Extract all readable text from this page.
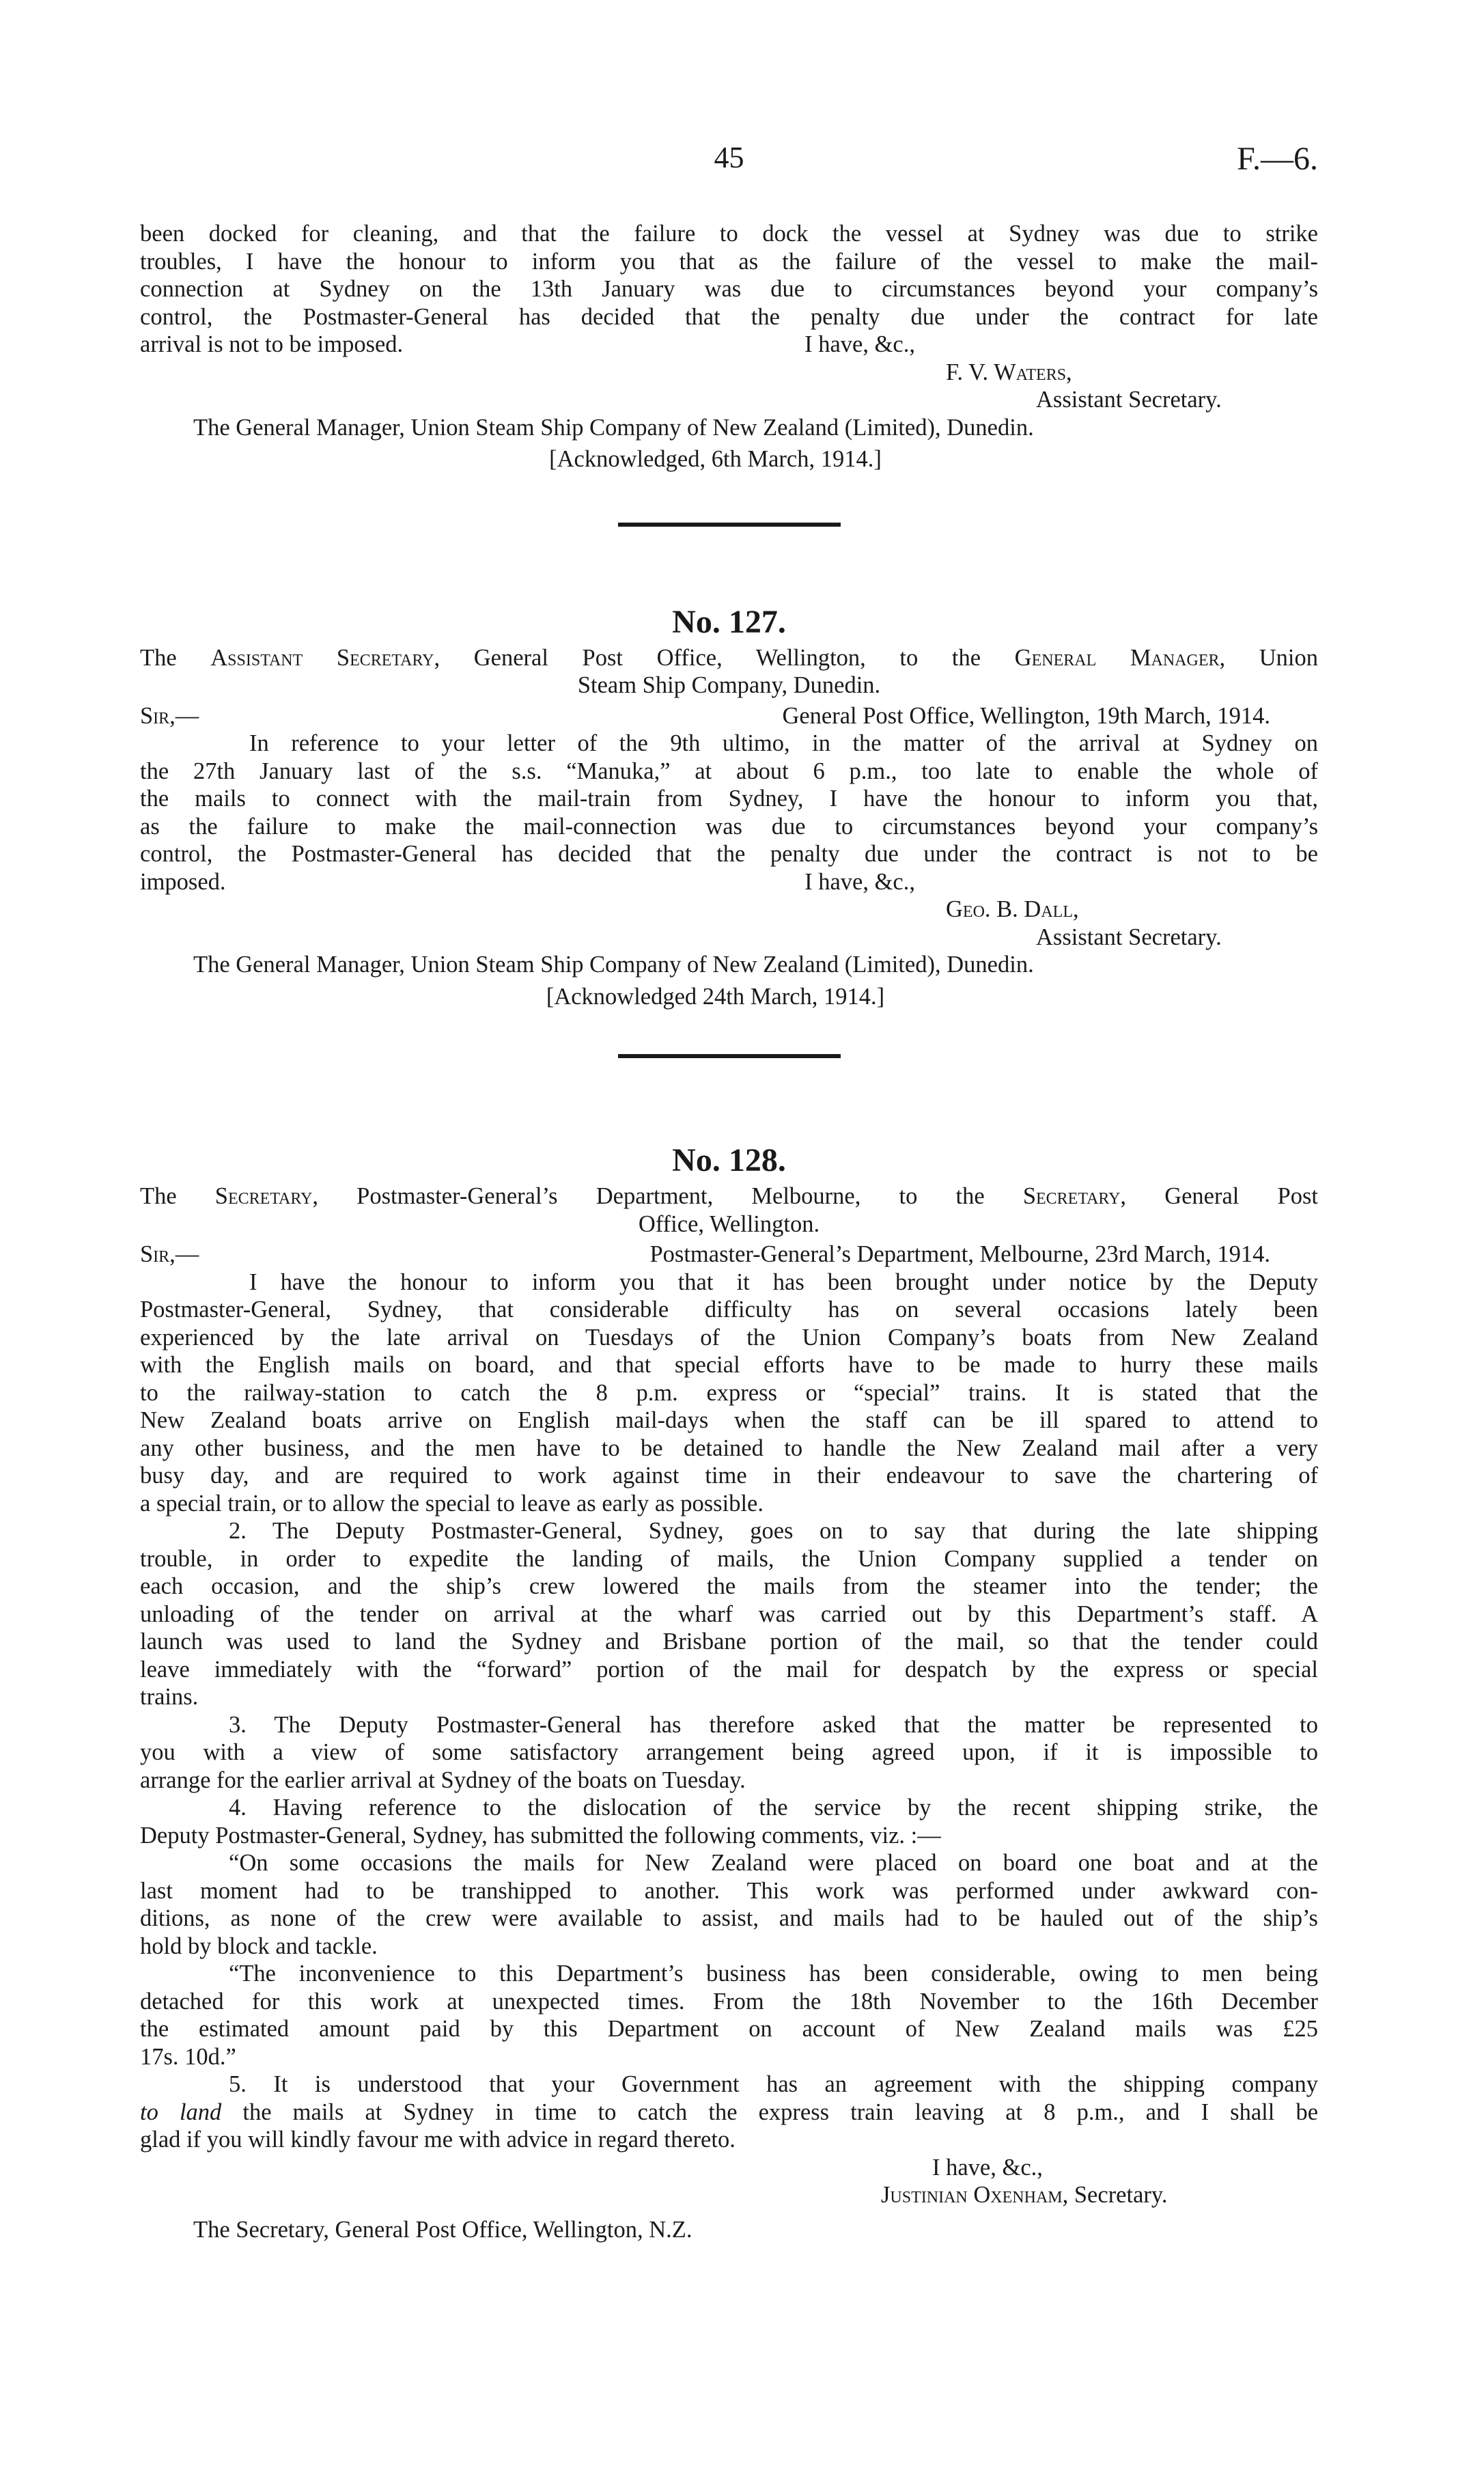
45	F.—6.

been docked for cleaning, and that the failure to dock the vessel at Sydney was due to strike

troubles, I have the honour to inform you that as the failure of the vessel to make the mail-

connection at Sydney on the 13th January was due to circumstances beyond your company’s

control, the Postmaster-General has decided that the penalty due under the contract for late

arrival is not to be imposed.	I have, &c.,

F. V. Waters,

Assistant Secretary.

The General Manager, Union Steam Ship Company of New Zealand (Limited), Dunedin.

[Acknowledged, 6th March, 1914.]

No. 127.

The Assistant Secretary, General Post Office, Wellington, to the General Manager, Union

Steam Ship Company, Dunedin.

Sir,—	General Post Office, Wellington, 19th March, 1914.

In reference to your letter of the 9th ultimo, in the matter of the arrival at Sydney on

the 27th January last of the s.s. “Manuka,” at about 6 p.m., too late to enable the whole of

the mails to connect with the mail-train from Sydney, I have the honour to inform you that,

as the failure to make the mail-connection was due to circumstances beyond your company’s

control, the Postmaster-General has decided that the penalty due under the contract is not to be

imposed.	I have, &c.,

Geo. B. Dall,

Assistant Secretary.

The General Manager, Union Steam Ship Company of New Zealand (Limited), Dunedin.

[Acknowledged 24th March, 1914.]

No. 128.

The Secretary, Postmaster-General’s Department, Melbourne, to the Secretary, General Post

Office, Wellington.

Sir,—	Postmaster-General’s Department, Melbourne, 23rd March, 1914.

I have the honour to inform you that it has been brought under notice by the Deputy

Postmaster-General, Sydney, that considerable difficulty has on several occasions lately been

experienced by the late arrival on Tuesdays of the Union Company’s boats from New Zealand

with the English mails on board, and that special efforts have to be made to hurry these mails

to the railway-station to catch the 8 p.m. express or “special” trains. It is stated that the

New Zealand boats arrive on English mail-days when the staff can be ill spared to attend to

any other business, and the men have to be detained to handle the New Zealand mail after a very

busy day, and are required to work against time in their endeavour to save the chartering of

a special train, or to allow the special to leave as early as possible.

2. The Deputy Postmaster-General, Sydney, goes on to say that during the late shipping

trouble, in order to expedite the landing of mails, the Union Company supplied a tender on

each occasion, and the ship’s crew lowered the mails from the steamer into the tender; the

unloading of the tender on arrival at the wharf was carried out by this Department’s staff. A

launch was used to land the Sydney and Brisbane portion of the mail, so that the tender could

leave immediately with the “forward” portion of the mail for despatch by the express or special

trains.

3. The Deputy Postmaster-General has therefore asked that the matter be represented to

you with a view of some satisfactory arrangement being agreed upon, if it is impossible to

arrange for the earlier arrival at Sydney of the boats on Tuesday.

4. Having reference to the dislocation of the service by the recent shipping strike, the

Deputy Postmaster-General, Sydney, has submitted the following comments, viz. :—

“On some occasions the mails for New Zealand were placed on board one boat and at the

last moment had to be transhipped to another. This work was performed under awkward con-

ditions, as none of the crew were available to assist, and mails had to be hauled out of the ship’s

hold by block and tackle.

“The inconvenience to this Department’s business has been considerable, owing to men being

detached for this work at unexpected times. From the 18th November to the 16th December

the estimated amount paid by this Department on account of New Zealand mails was £25

17s. 10d.”

5. It is understood that your Government has an agreement with the shipping company

to land the mails at Sydney in time to catch the express train leaving at 8 p.m., and I shall be

glad if you will kindly favour me with advice in regard thereto.

I have, &c.,

Justinian Oxenham, Secretary.

The Secretary, General Post Office, Wellington, N.Z.
